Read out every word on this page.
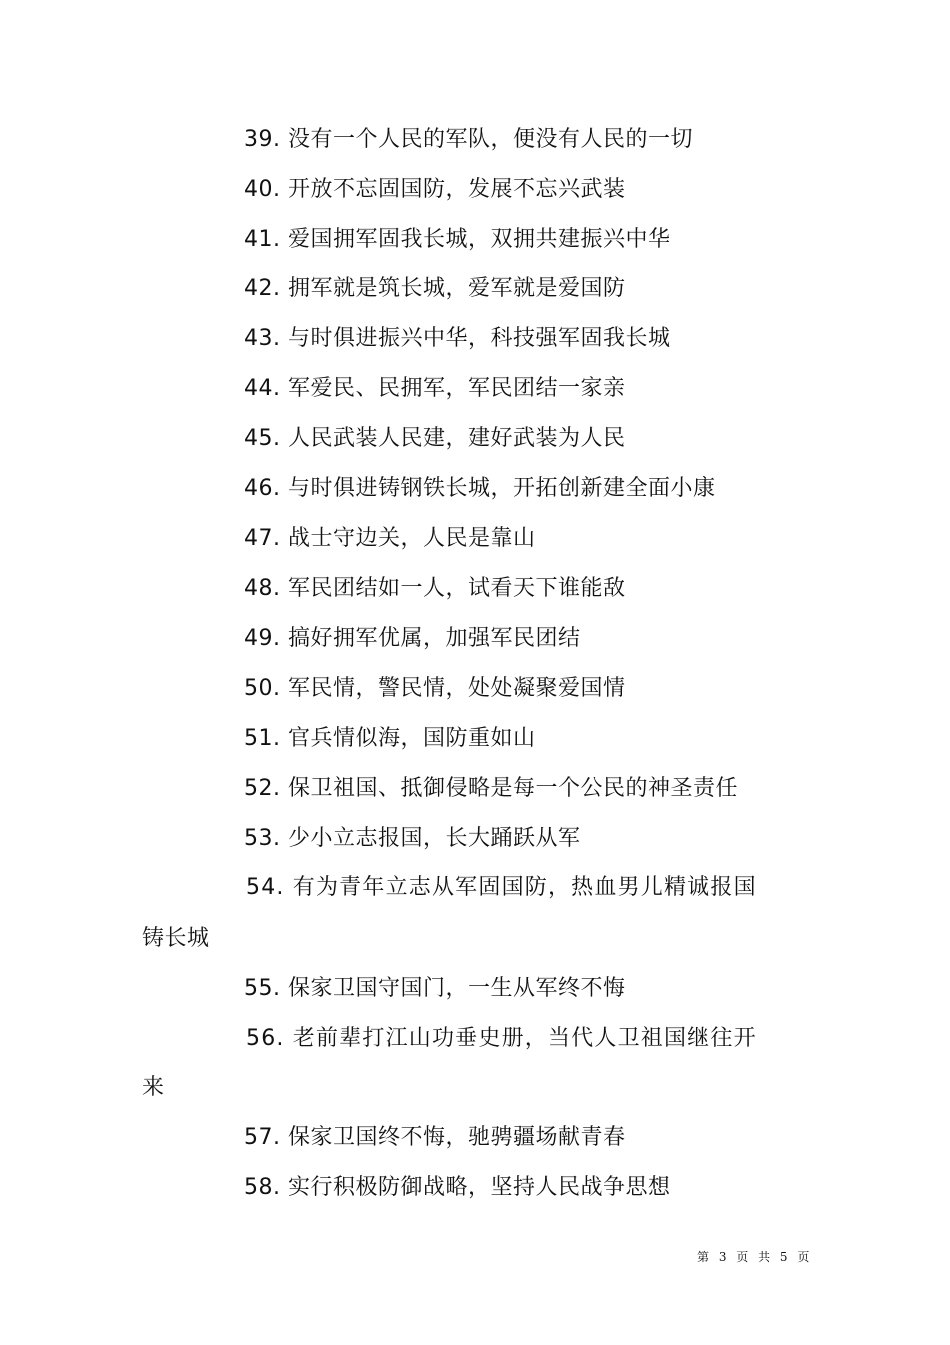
39. 没有一个人民的军队，便没有人民的一切
40. 开放不忘固国防，发展不忘兴武装
41. 爱国拥军固我长城，双拥共建振兴中华
42. 拥军就是筑长城，爱军就是爱国防
43. 与时俱进振兴中华，科技强军固我长城
44. 军爱民、民拥军，军民团结一家亲
45. 人民武装人民建，建好武装为人民
46. 与时俱进铸钢铁长城，开拓创新建全面小康
47. 战士守边关，人民是靠山
48. 军民团结如一人，试看天下谁能敌
49. 搞好拥军优属，加强军民团结
50. 军民情，警民情，处处凝聚爱国情
51. 官兵情似海，国防重如山
52. 保卫祖国、抵御侵略是每一个公民的神圣责任
53. 少小立志报国，长大踊跃从军
54. 有为青年立志从军固国防，热血男儿精诚报国
铸长城
55. 保家卫国守国门，一生从军终不悔
56. 老前辈打江山功垂史册，当代人卫祖国继往开
来
57. 保家卫国终不悔，驰骋疆场献青春
58. 实行积极防御战略，坚持人民战争思想
第 3 页 共 5 页
